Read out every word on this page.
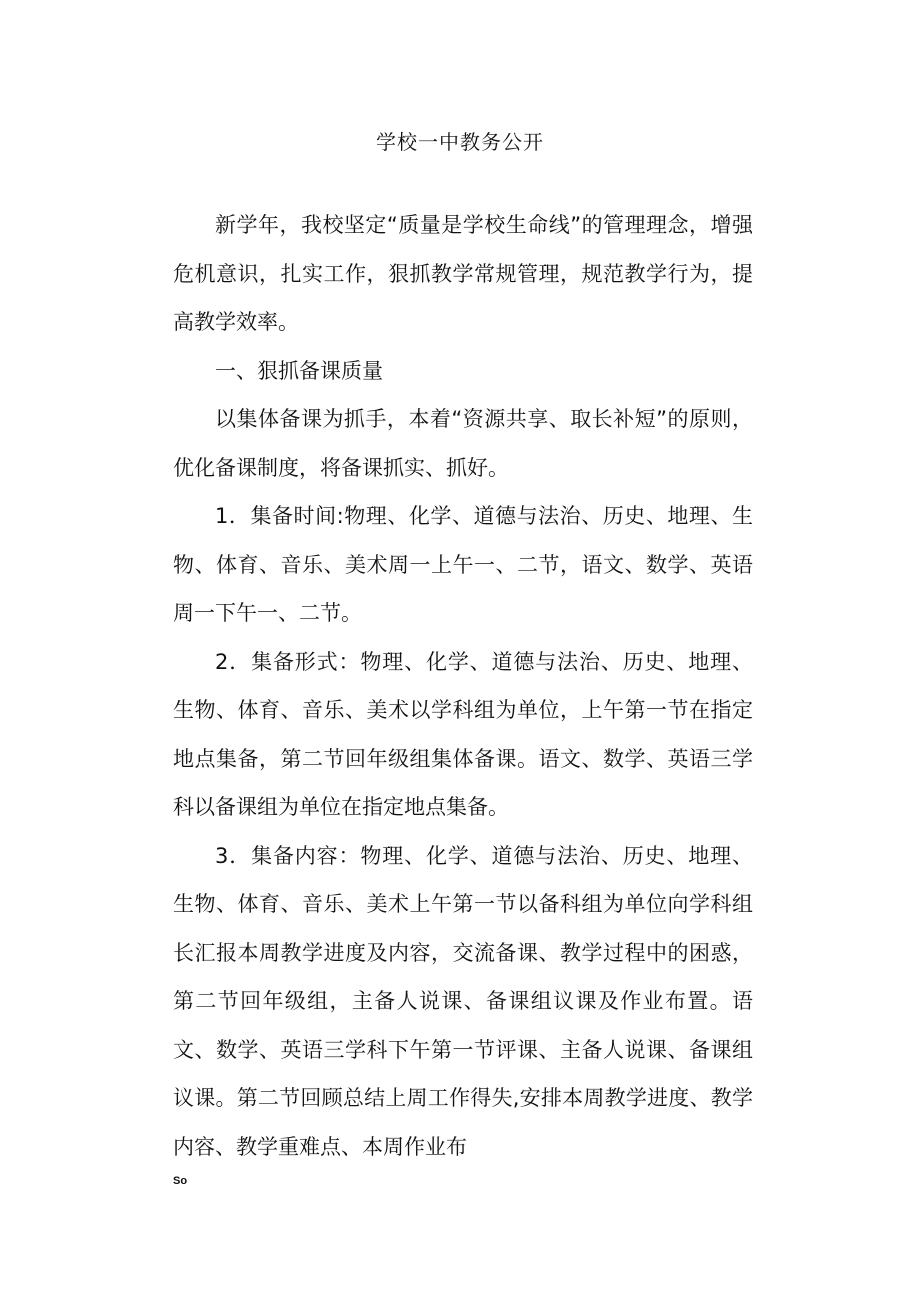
学校一中教务公开

新学年，我校坚定“质量是学校生命线”的管理理念，增强危机意识，扎实工作，狠抓教学常规管理，规范教学行为，提高教学效率。

一、狠抓备课质量

以集体备课为抓手，本着“资源共享、取长补短”的原则，优化备课制度，将备课抓实、抓好。

1．集备时间:物理、化学、道德与法治、历史、地理、生物、体育、音乐、美术周一上午一、二节，语文、数学、英语周一下午一、二节。

2．集备形式：物理、化学、道德与法治、历史、地理、生物、体育、音乐、美术以学科组为单位，上午第一节在指定地点集备，第二节回年级组集体备课。语文、数学、英语三学科以备课组为单位在指定地点集备。

3．集备内容：物理、化学、道德与法治、历史、地理、生物、体育、音乐、美术上午第一节以备科组为单位向学科组长汇报本周教学进度及内容，交流备课、教学过程中的困惑，第二节回年级组，主备人说课、备课组议课及作业布置。语文、数学、英语三学科下午第一节评课、主备人说课、备课组议课。第二节回顾总结上周工作得失,安排本周教学进度、教学内容、教学重难点、本周作业布

So
